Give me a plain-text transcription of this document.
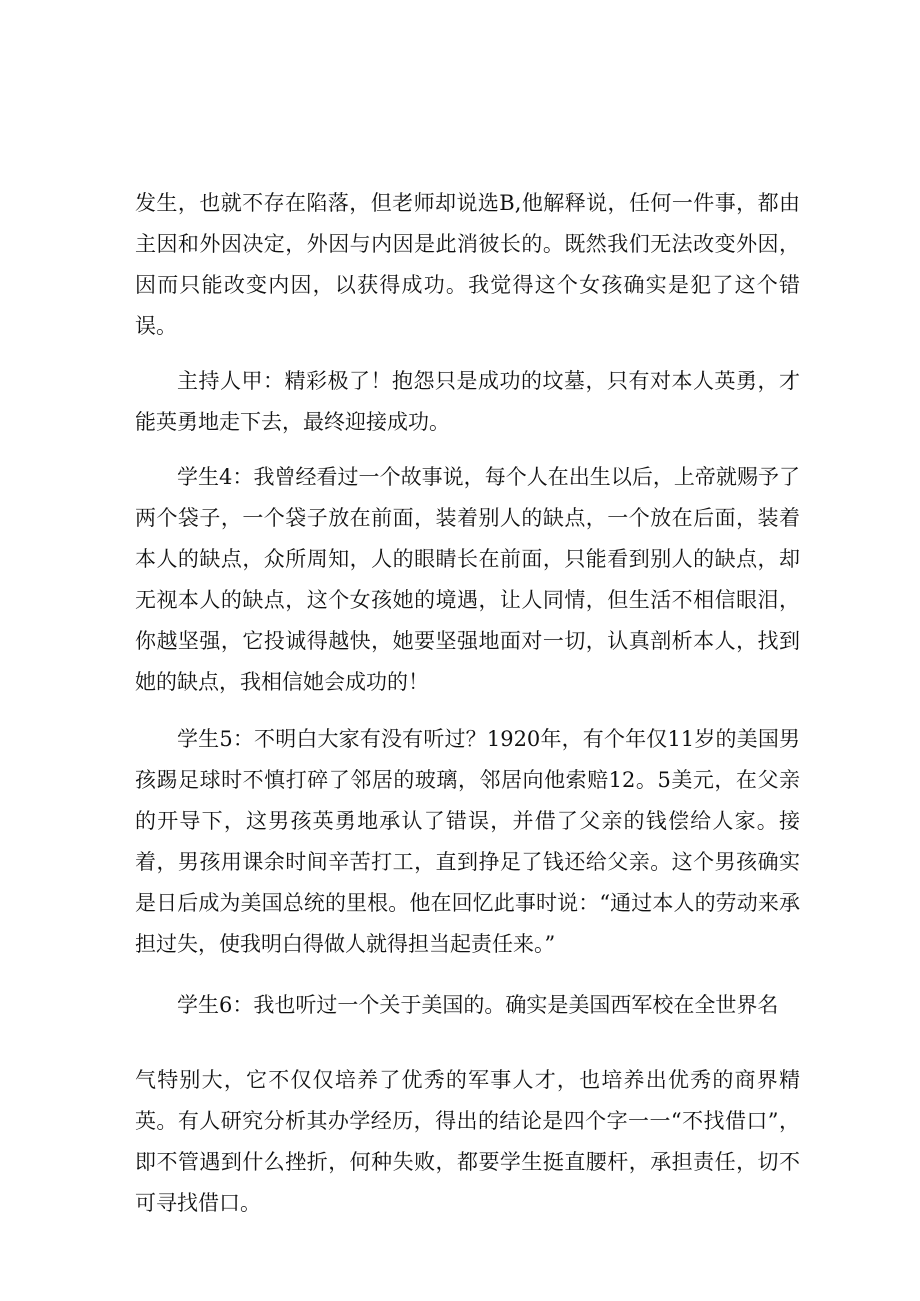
发生，也就不存在陷落，但老师却说选B,他解释说，任何一件事，都由主因和外因决定，外因与内因是此消彼长的。既然我们无法改变外因，因而只能改变内因，以获得成功。我觉得这个女孩确实是犯了这个错误。

主持人甲：精彩极了！抱怨只是成功的坟墓，只有对本人英勇，才能英勇地走下去，最终迎接成功。

学生4：我曾经看过一个故事说，每个人在出生以后，上帝就赐予了两个袋子，一个袋子放在前面，装着别人的缺点，一个放在后面，装着本人的缺点，众所周知，人的眼睛长在前面，只能看到别人的缺点，却无视本人的缺点，这个女孩她的境遇，让人同情，但生活不相信眼泪，你越坚强，它投诚得越快，她要坚强地面对一切，认真剖析本人，找到她的缺点，我相信她会成功的！

学生5：不明白大家有没有听过？1920年，有个年仅11岁的美国男孩踢足球时不慎打碎了邻居的玻璃，邻居向他索赔12。5美元，在父亲的开导下，这男孩英勇地承认了错误，并借了父亲的钱偿给人家。接着，男孩用课余时间辛苦打工，直到挣足了钱还给父亲。这个男孩确实是日后成为美国总统的里根。他在回忆此事时说：“通过本人的劳动来承担过失，使我明白得做人就得担当起责任来。”

学生6：我也听过一个关于美国的。确实是美国西军校在全世界名

气特别大，它不仅仅培养了优秀的军事人才，也培养出优秀的商界精英。有人研究分析其办学经历，得出的结论是四个字一一“不找借口”，即不管遇到什么挫折，何种失败，都要学生挺直腰杆，承担责任，切不可寻找借口。
